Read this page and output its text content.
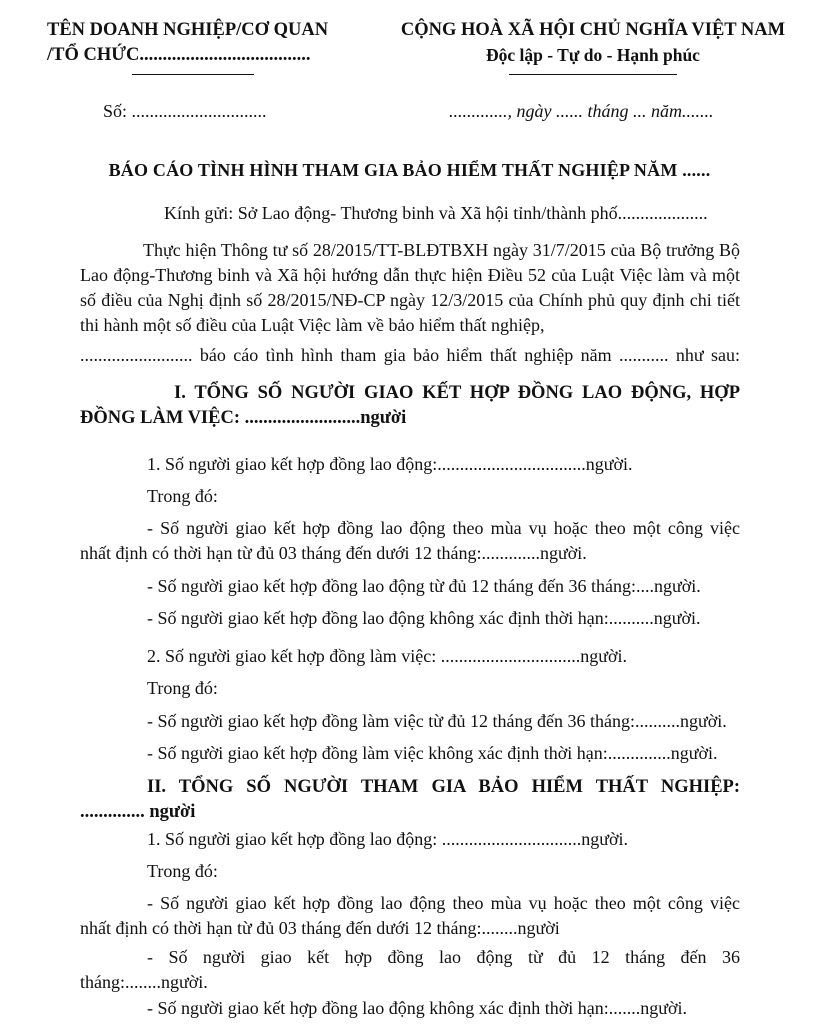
TÊN DOANH NGHIỆP/CƠ QUAN
/TỔ CHỨC.....................................
CỘNG HOÀ XÃ HỘI CHỦ NGHĨA VIỆT NAM
Độc lập - Tự do - Hạnh phúc
Số: ..............................	............., ngày ...... tháng ... năm.......
BÁO CÁO TÌNH HÌNH THAM GIA BẢO HIỂM THẤT NGHIỆP NĂM ......
Kính gửi: Sở Lao động- Thương binh và Xã hội tỉnh/thành phố....................
Thực hiện Thông tư số 28/2015/TT-BLĐTBXH ngày 31/7/2015 của Bộ trưởng Bộ Lao động-Thương binh và Xã hội hướng dẫn thực hiện Điều 52 của Luật Việc làm và một số điều của Nghị định số 28/2015/NĐ-CP ngày 12/3/2015 của Chính phủ quy định chi tiết thi hành một số điều của Luật Việc làm về bảo hiểm thất nghiệp,
......................... báo cáo tình hình tham gia bảo hiểm thất nghiệp năm ........... như sau:
I. TỔNG SỐ NGƯỜI GIAO KẾT HỢP ĐỒNG LAO ĐỘNG, HỢP
ĐỒNG LÀM VIỆC: .........................người
1. Số người giao kết hợp đồng lao động:.................................người.
Trong đó:
- Số người giao kết hợp đồng lao động theo mùa vụ hoặc theo một công việc
nhất định có thời hạn từ đủ 03 tháng đến dưới 12 tháng:.............người.
- Số người giao kết hợp đồng lao động từ đủ 12 tháng đến 36 tháng:....người.
- Số người giao kết hợp đồng lao động không xác định thời hạn:..........người.
2. Số người giao kết hợp đồng làm việc: ...............................người.
Trong đó:
- Số người giao kết hợp đồng làm việc từ đủ 12 tháng đến 36 tháng:..........người.
- Số người giao kết hợp đồng làm việc không xác định thời hạn:..............người.
II. TỔNG SỐ NGƯỜI THAM GIA BẢO HIỂM THẤT NGHIỆP:
.............. người
1. Số người giao kết hợp đồng lao động: ...............................người.
Trong đó:
- Số người giao kết hợp đồng lao động theo mùa vụ hoặc theo một công việc
nhất định có thời hạn từ đủ 03 tháng đến dưới 12 tháng:........người
- Số người giao kết hợp đồng lao động từ đủ 12 tháng đến 36
tháng:........người.
- Số người giao kết hợp đồng lao động không xác định thời hạn:.......người.
